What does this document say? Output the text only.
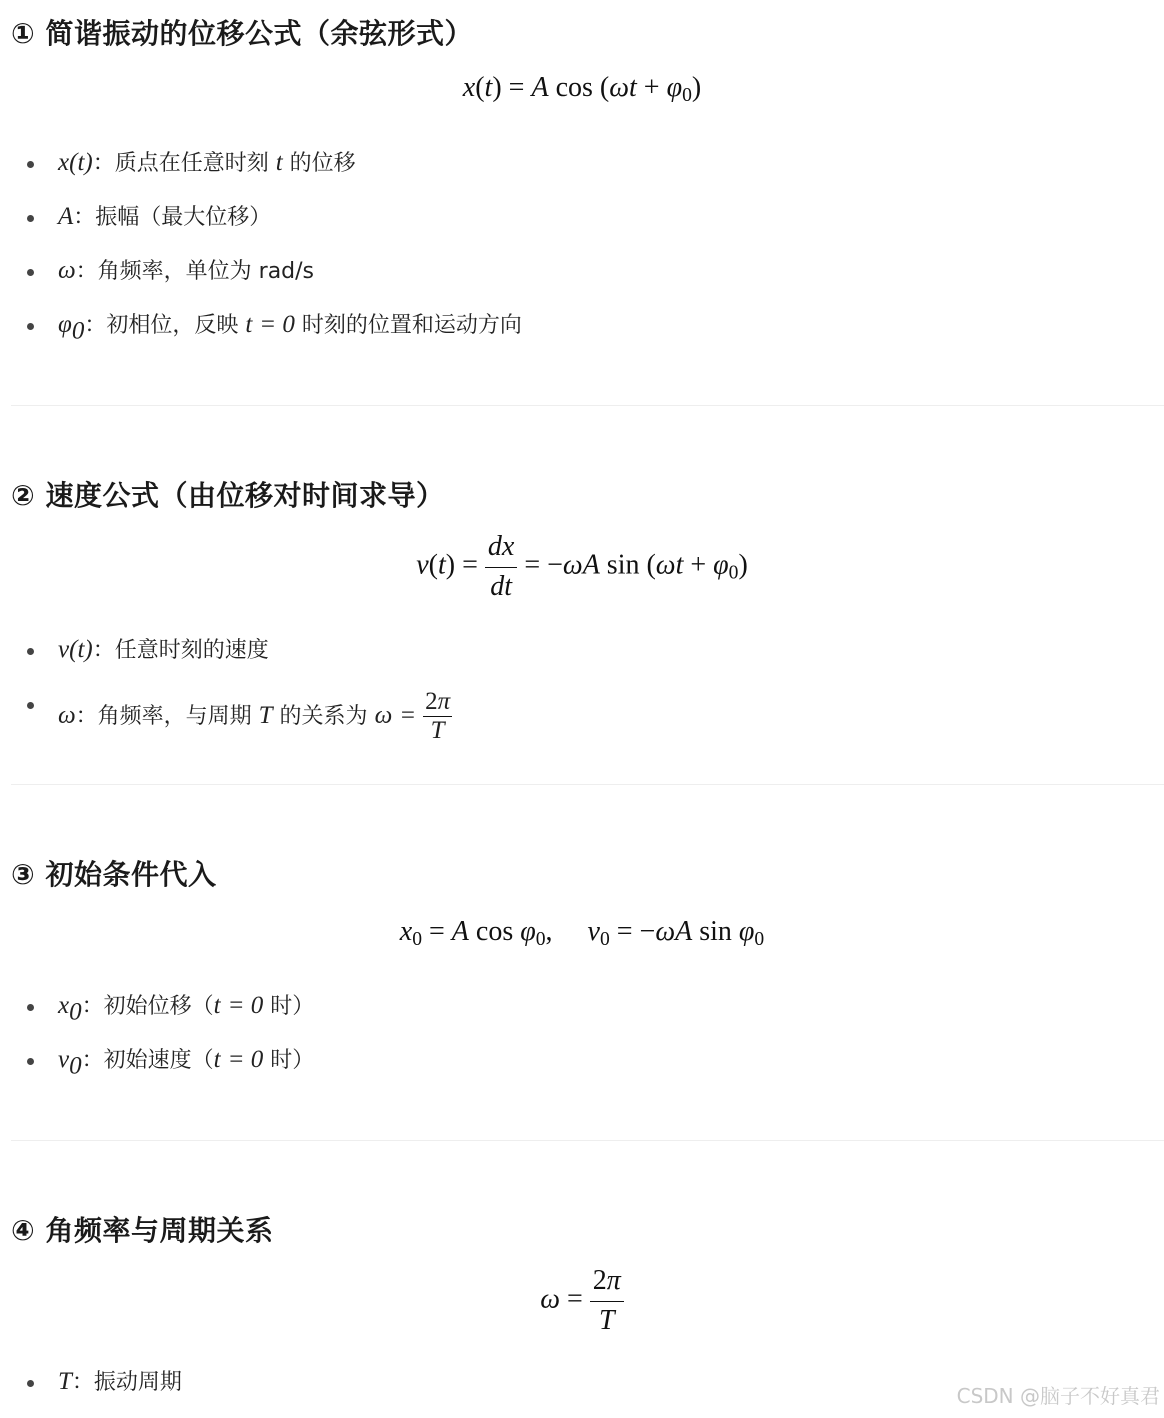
① 简谐振动的位移公式（余弦形式）
x(t) = A $\cos (\omega t + \varphi_0)$
x(t)：质点在任意时刻 t 的位移
A：振幅（最大位移）
ω：角频率，单位为 rad/s
$\varphi_0$：初相位，反映 t = 0 时刻的位置和运动方向
② 速度公式（由位移对时间求导）
$v(t) = \frac{dx}{dt} = -\omega A$ $\sin (\omega t + \varphi_0)$
v(t)：任意时刻的速度
ω：角频率，与周期 T 的关系为 $\omega = \frac{2\pi}{T}$
③ 初始条件代入
$x_0 = A$ $\cos \varphi_0$,     $v_0 = -\omega A$ $\sin \varphi_0$
$x_0$：初始位移（t = 0 时）
$v_0$：初始速度（t = 0 时）
④ 角频率与周期关系
$\omega = \frac{2\pi}{T}$
T：振动周期
CSDN @脑子不好真君
